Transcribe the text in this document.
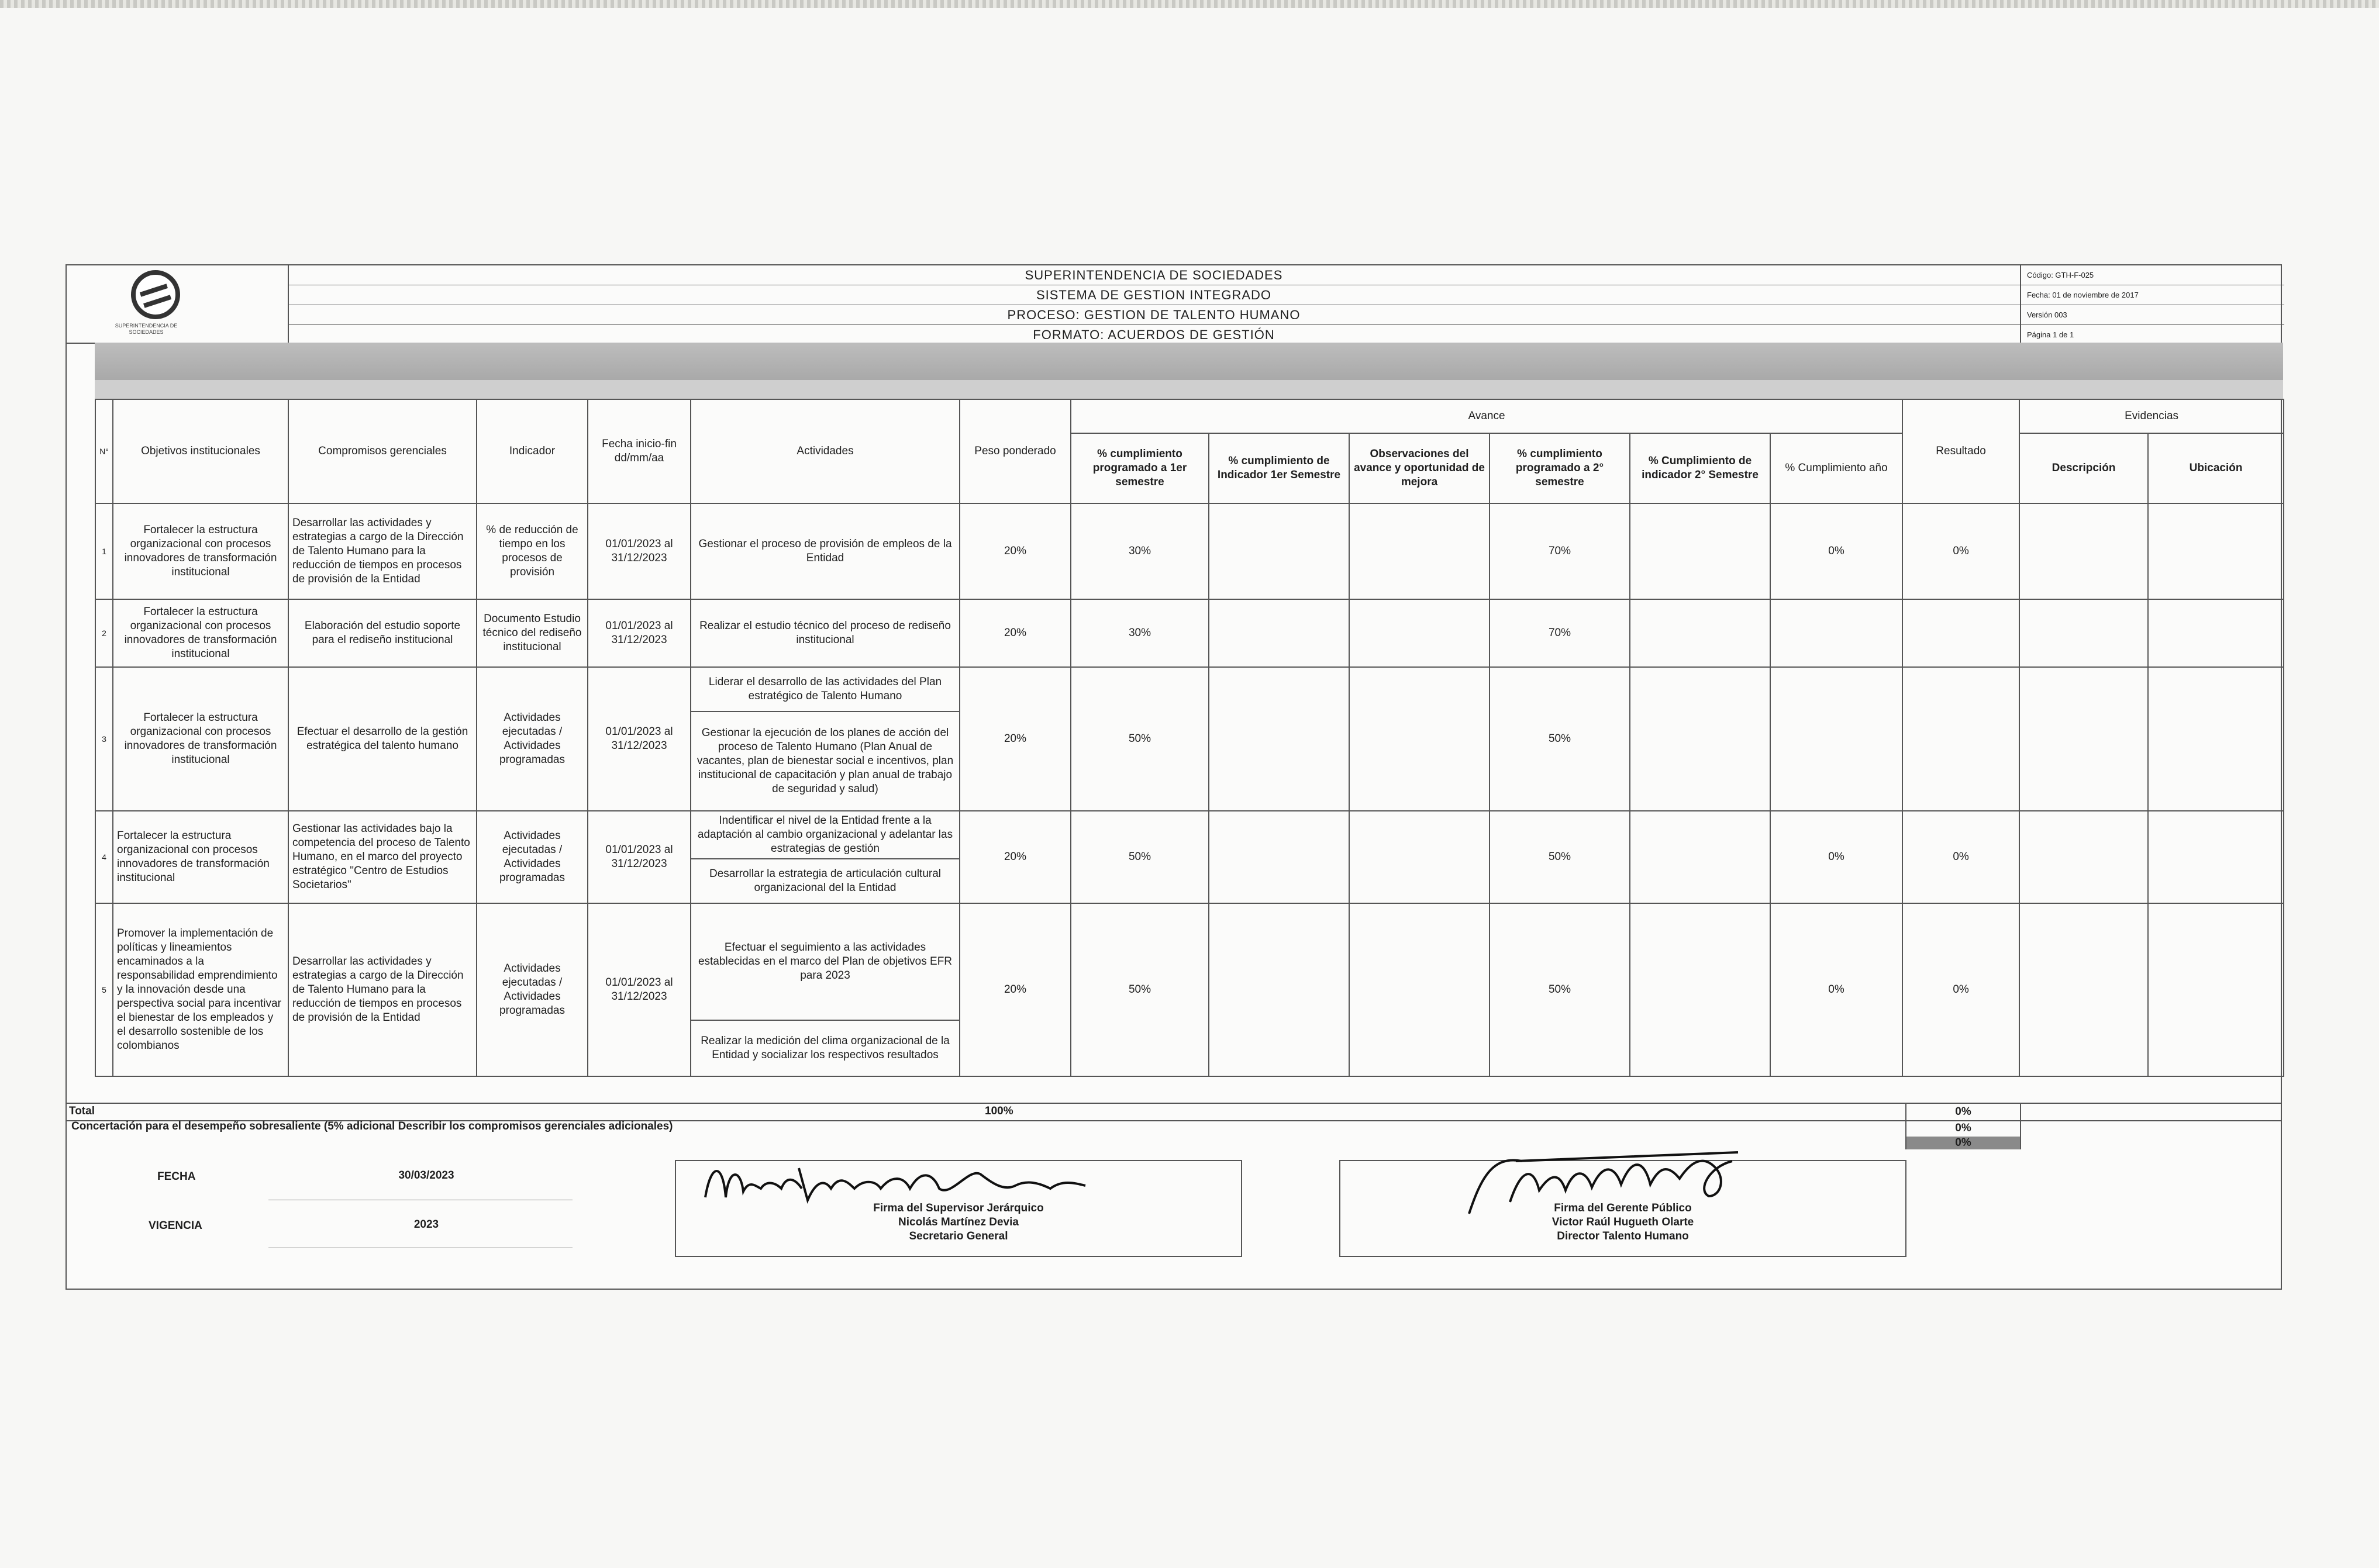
SUPERINTENDENCIA DE SOCIEDADES
SUPERINTENDENCIA DE SOCIEDADES
SISTEMA DE GESTION INTEGRADO
PROCESO: GESTION DE TALENTO HUMANO
FORMATO: ACUERDOS DE GESTIÓN
Código: GTH-F-025
Fecha: 01 de noviembre de 2017
Versión 003
Página 1 de 1
N°	Objetivos institucionales	Compromisos gerenciales	Indicador	Fecha inicio-fin dd/mm/aa	Actividades	Peso ponderado	Avance						Resultado	Evidencias	
							% cumplimiento programado a 1er semestre	% cumplimiento de Indicador 1er Semestre	Observaciones del avance y oportunidad de mejora	% cumplimiento programado a 2° semestre	% Cumplimiento de indicador 2° Semestre	% Cumplimiento año		Descripción	Ubicación
1	Fortalecer la estructura organizacional con procesos innovadores de transformación institucional	Desarrollar las actividades y estrategias a cargo de la Dirección de Talento Humano para la reducción de tiempos en procesos de provisión de la Entidad	% de reducción de tiempo en los procesos de provisión	01/01/2023 al 31/12/2023	Gestionar el proceso de provisión de empleos de la Entidad	20%	30%			70%		0%	0%		
2	Fortalecer la estructura organizacional con procesos innovadores de transformación institucional	Elaboración del estudio soporte para el rediseño institucional	Documento Estudio técnico del rediseño institucional	01/01/2023 al 31/12/2023	Realizar el estudio técnico del proceso de rediseño institucional	20%	30%			70%					
3	Fortalecer la estructura organizacional con procesos innovadores de transformación institucional	Efectuar el desarrollo de la gestión estratégica del talento humano	Actividades ejecutadas / Actividades programadas	01/01/2023 al 31/12/2023	Liderar el desarrollo de las actividades del Plan estratégico de Talento Humano	20%	50%			50%					
					Gestionar la ejecución de los planes de acción del proceso de Talento Humano (Plan Anual de vacantes, plan de bienestar social e incentivos, plan institucional de capacitación y plan anual de trabajo de seguridad y salud)										
4	Fortalecer la estructura organizacional con procesos innovadores de transformación institucional	Gestionar las actividades bajo la competencia del proceso de Talento Humano, en el marco del proyecto estratégico "Centro de Estudios Societarios"	Actividades ejecutadas / Actividades programadas	01/01/2023 al 31/12/2023	Indentificar el nivel de la Entidad frente a la adaptación al cambio organizacional y adelantar las estrategias de gestión	20%	50%			50%		0%	0%		
					Desarrollar la estrategia de articulación cultural organizacional del la Entidad										
5	Promover la implementación de políticas y lineamientos encaminados a la responsabilidad emprendimiento y la innovación desde una perspectiva social para incentivar el bienestar de los empleados y el desarrollo sostenible de los colombianos	Desarrollar las actividades y estrategias a cargo de la Dirección de Talento Humano para la reducción de tiempos en procesos de provisión de la Entidad	Actividades ejecutadas / Actividades programadas	01/01/2023 al 31/12/2023	Efectuar el seguimiento a las actividades establecidas en el marco del Plan de objetivos EFR para 2023	20%	50%			50%		0%	0%		
					Realizar la medición del clima organizacional de la Entidad y socializar los respectivos resultados										
Total	100%	0%
Concertación para el desempeño sobresaliente (5% adicional Describir los compromisos gerenciales adicionales)	0%
0%
FECHA	30/03/2023
VIGENCIA	2023
Firma del Supervisor Jerárquico
Nicolás Martínez Devia
Secretario General
Firma del Gerente Público
Victor Raúl Hugueth Olarte
Director Talento Humano
